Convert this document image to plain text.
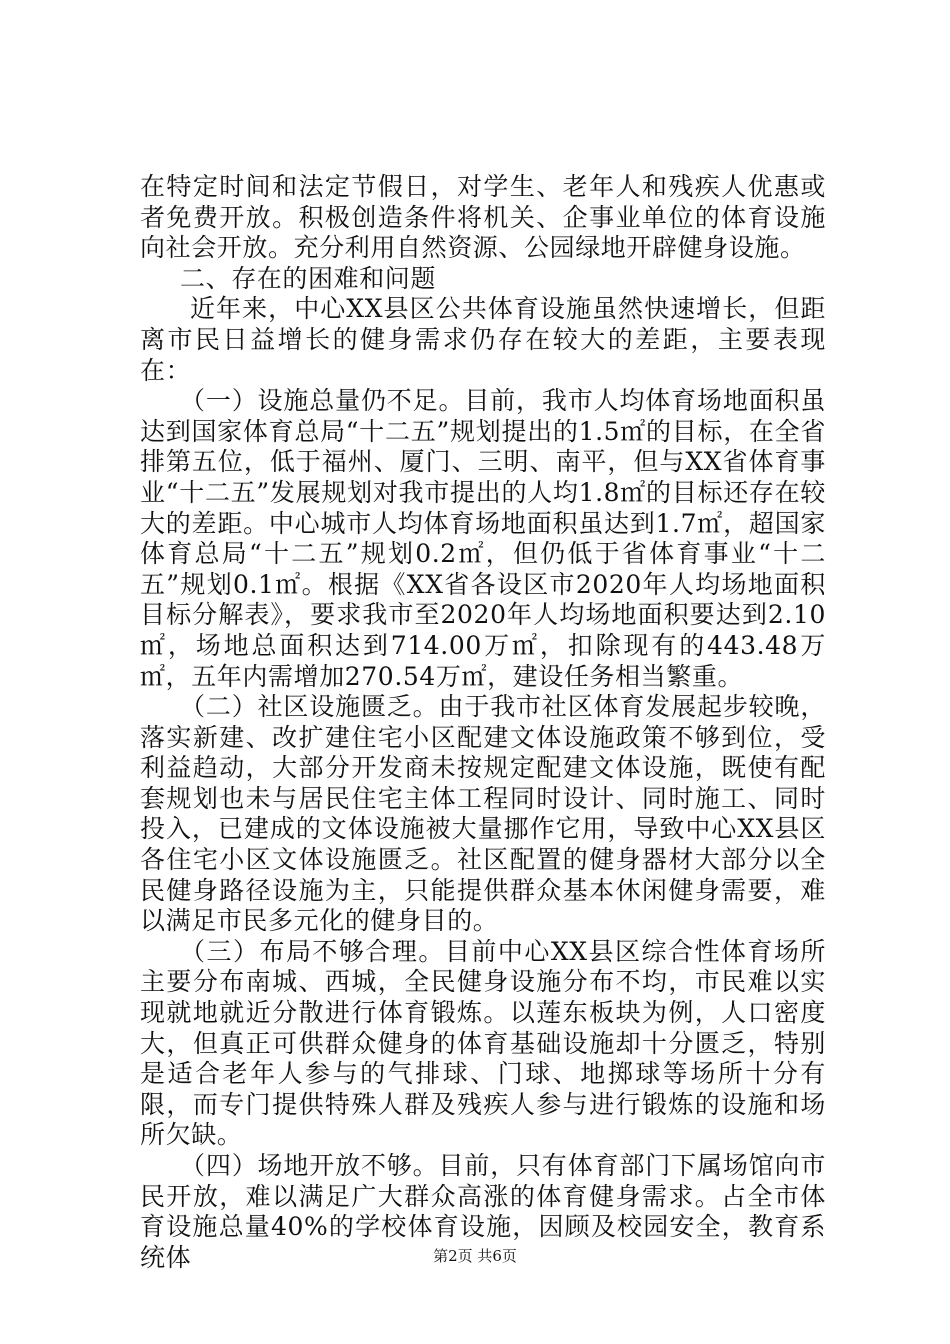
在特定时间和法定节假日，对学生、老年人和残疾人优惠或者免费开放。积极创造条件将机关、企事业单位的体育设施向社会开放。充分利用自然资源、公园绿地开辟健身设施。

二、存在的困难和问题

近年来，中心XX县区公共体育设施虽然快速增长，但距离市民日益增长的健身需求仍存在较大的差距，主要表现在：

（一）设施总量仍不足。目前，我市人均体育场地面积虽达到国家体育总局“十二五”规划提出的1.5㎡的目标，在全省排第五位，低于福州、厦门、三明、南平，但与XX省体育事业“十二五”发展规划对我市提出的人均1.8㎡的目标还存在较大的差距。中心城市人均体育场地面积虽达到1.7㎡，超国家体育总局“十二五”规划0.2㎡，但仍低于省体育事业“十二五”规划0.1㎡。根据《XX省各设区市2020年人均场地面积目标分解表》，要求我市至2020年人均场地面积要达到2.10㎡，场地总面积达到714.00万㎡，扣除现有的443.48万㎡，五年内需增加270.54万㎡，建设任务相当繁重。

（二）社区设施匮乏。由于我市社区体育发展起步较晚，落实新建、改扩建住宅小区配建文体设施政策不够到位，受利益趋动，大部分开发商未按规定配建文体设施，既使有配套规划也未与居民住宅主体工程同时设计、同时施工、同时投入，已建成的文体设施被大量挪作它用，导致中心XX县区各住宅小区文体设施匮乏。社区配置的健身器材大部分以全民健身路径设施为主，只能提供群众基本休闲健身需要，难以满足市民多元化的健身目的。

（三）布局不够合理。目前中心XX县区综合性体育场所主要分布南城、西城，全民健身设施分布不均，市民难以实现就地就近分散进行体育锻炼。以莲东板块为例，人口密度大，但真正可供群众健身的体育基础设施却十分匮乏，特别是适合老年人参与的气排球、门球、地掷球等场所十分有限，而专门提供特殊人群及残疾人参与进行锻炼的设施和场所欠缺。

（四）场地开放不够。目前，只有体育部门下属场馆向市民开放，难以满足广大群众高涨的体育健身需求。占全市体育设施总量40%的学校体育设施，因顾及校园安全，教育系统体	第2页 共6页
